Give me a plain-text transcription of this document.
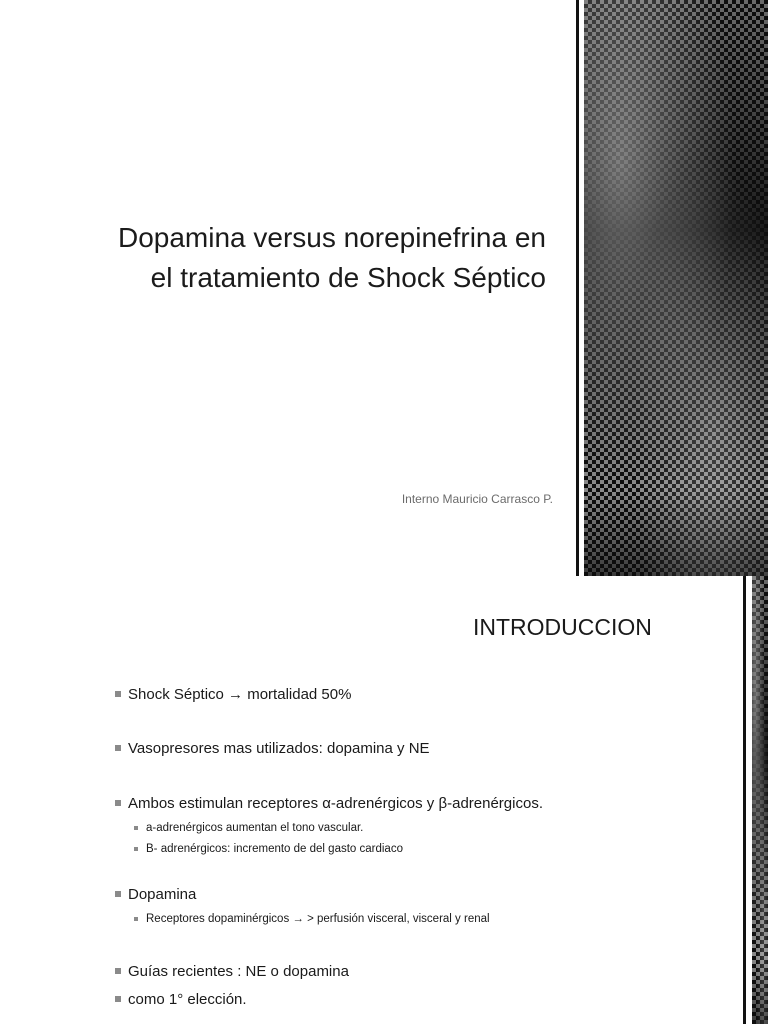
Dopamina versus norepinefrina en
el tratamiento de Shock Séptico

Interno Mauricio Carrasco P.

INTRODUCCION
Shock Séptico → mortalidad 50%
Vasopresores mas utilizados: dopamina y NE
Ambos estimulan receptores α-adrenérgicos y β-adrenérgicos.
a-adrenérgicos aumentan el tono vascular.
B- adrenérgicos: incremento de del gasto cardiaco
Dopamina
Receptores dopaminérgicos → > perfusión visceral, visceral y renal
Guías recientes : NE o dopamina
como 1° elección.
